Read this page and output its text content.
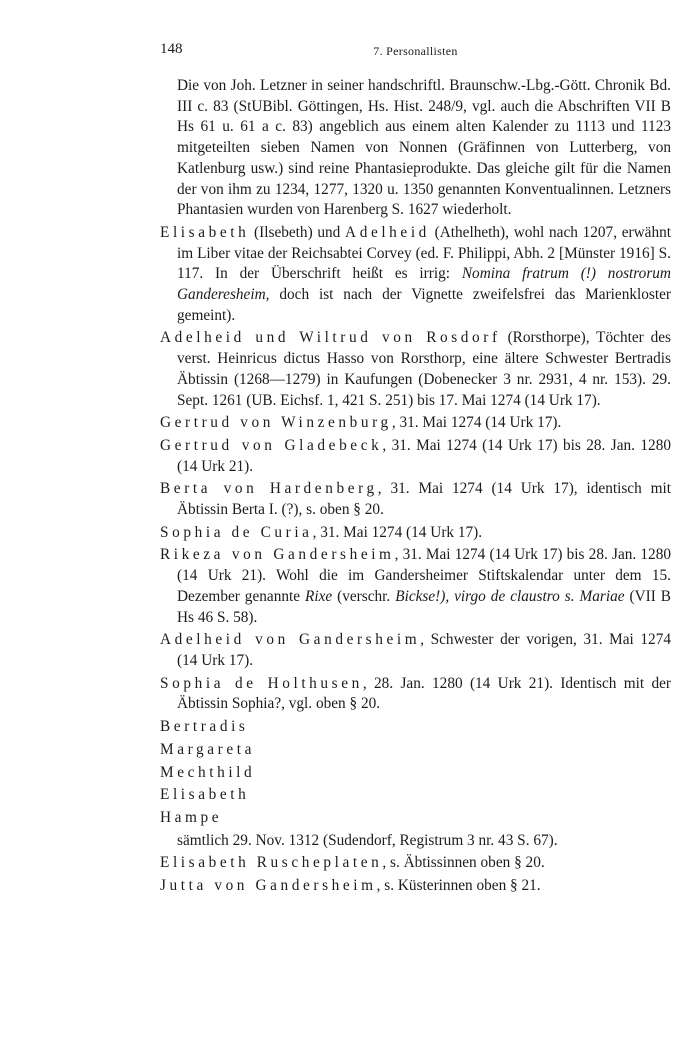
148	7. Personallisten

Die von Joh. Letzner in seiner handschriftl. Braunschw.-Lbg.-Gött. Chronik Bd. III c. 83 (StUBibl. Göttingen, Hs. Hist. 248/9, vgl. auch die Abschriften VII B Hs 61 u. 61 a c. 83) angeblich aus einem alten Kalender zu 1113 und 1123 mitgeteilten sieben Namen von Nonnen (Gräfinnen von Lutterberg, von Katlenburg usw.) sind reine Phantasieprodukte. Das gleiche gilt für die Namen der von ihm zu 1234, 1277, 1320 u. 1350 genannten Konventualinnen. Letzners Phantasien wurden von Harenberg S. 1627 wiederholt.

Elisabeth (Ilsebeth) und Adelheid (Athelheth), wohl nach 1207, erwähnt im Liber vitae der Reichsabtei Corvey (ed. F. Philippi, Abh. 2 [Münster 1916] S. 117. In der Überschrift heißt es irrig: Nomina fratrum (!) nostrorum Ganderesheim, doch ist nach der Vignette zweifelsfrei das Marienkloster gemeint).

Adelheid und Wiltrud von Rosdorf (Rorsthorpe), Töchter des verst. Heinricus dictus Hasso von Rorsthorp, eine ältere Schwester Bertradis Äbtissin (1268—1279) in Kaufungen (Dobenecker 3 nr. 2931, 4 nr. 153). 29. Sept. 1261 (UB. Eichsf. 1, 421 S. 251) bis 17. Mai 1274 (14 Urk 17).

Gertrud von Winzenburg, 31. Mai 1274 (14 Urk 17).

Gertrud von Gladebeck, 31. Mai 1274 (14 Urk 17) bis 28. Jan. 1280 (14 Urk 21).

Berta von Hardenberg, 31. Mai 1274 (14 Urk 17), identisch mit Äbtissin Berta I. (?), s. oben § 20.

Sophia de Curia, 31. Mai 1274 (14 Urk 17).

Rikeza von Gandersheim, 31. Mai 1274 (14 Urk 17) bis 28. Jan. 1280 (14 Urk 21). Wohl die im Gandersheimer Stiftskalendar unter dem 15. Dezember genannte Rixe (verschr. Bickse!), virgo de claustro s. Mariae (VII B Hs 46 S. 58).

Adelheid von Gandersheim, Schwester der vorigen, 31. Mai 1274 (14 Urk 17).

Sophia de Holthusen, 28. Jan. 1280 (14 Urk 21). Identisch mit der Äbtissin Sophia?, vgl. oben § 20.

Bertradis
Margareta
Mechthild
Elisabeth
Hampe
sämtlich 29. Nov. 1312 (Sudendorf, Registrum 3 nr. 43 S. 67).

Elisabeth Ruscheplaten, s. Äbtissinnen oben § 20.

Jutta von Gandersheim, s. Küsterinnen oben § 21.
